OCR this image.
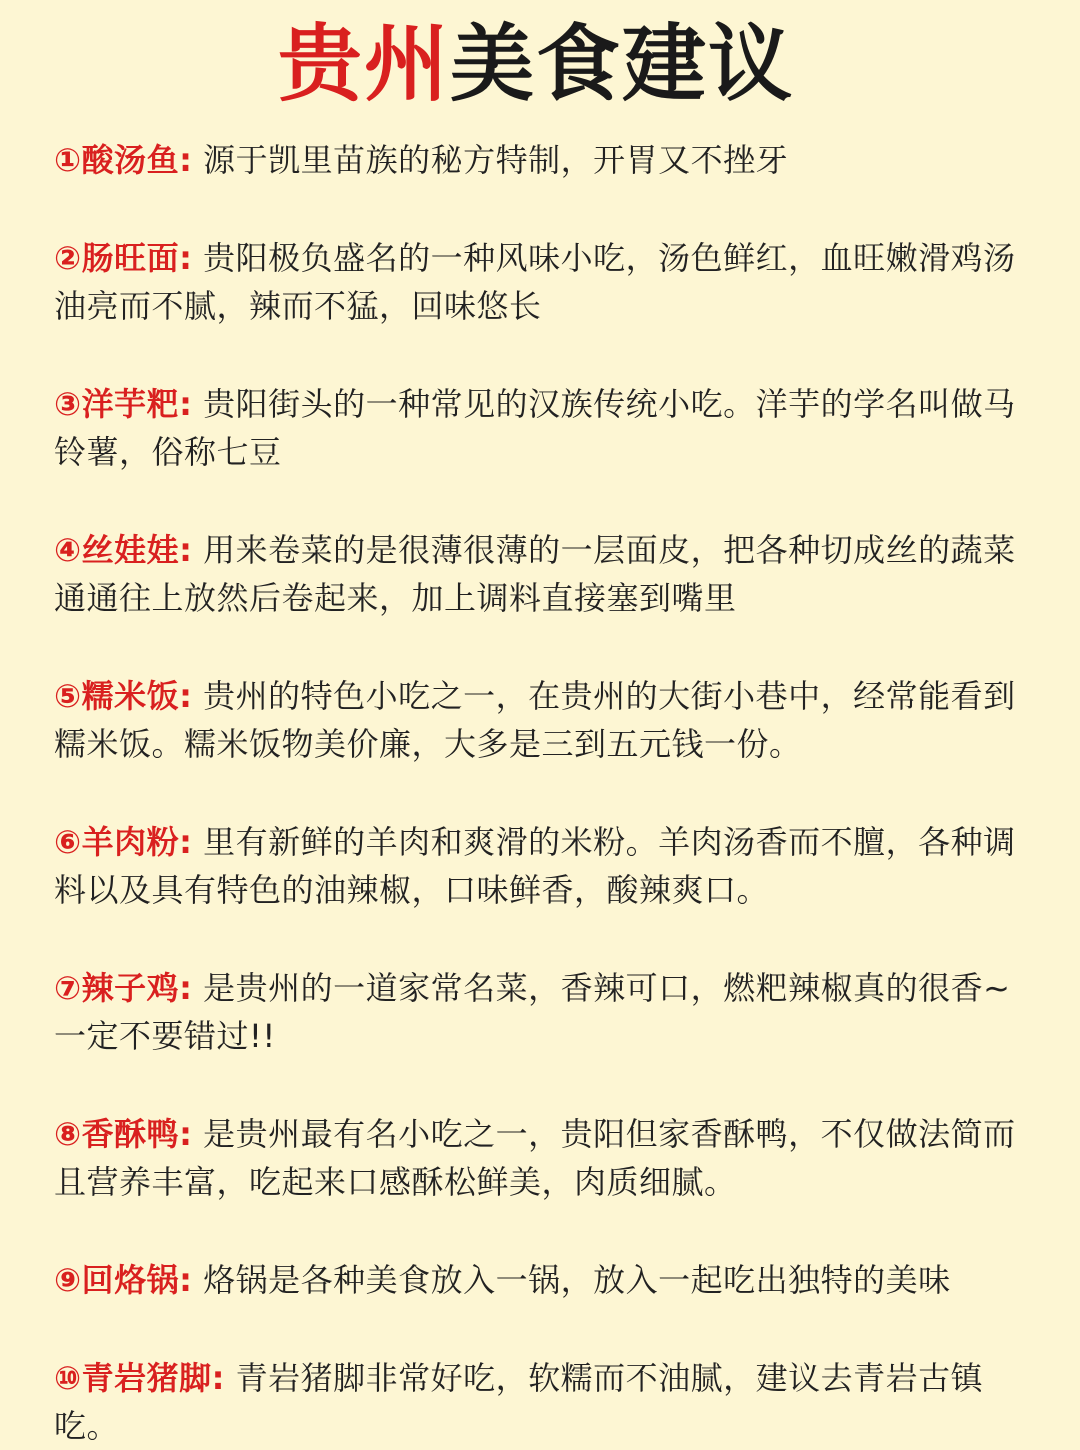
贵州美食建议
①酸汤鱼: 源于凯里苗族的秘方特制，开胃又不挫牙
②肠旺面: 贵阳极负盛名的一种风味小吃，汤色鲜红，血旺嫩滑鸡汤油亮而不腻，辣而不猛，回味悠长
③洋芋粑: 贵阳街头的一种常见的汉族传统小吃。洋芋的学名叫做马铃薯，俗称七豆
④丝娃娃: 用来卷菜的是很薄很薄的一层面皮，把各种切成丝的蔬菜通通往上放然后卷起来，加上调料直接塞到嘴里
⑤糯米饭: 贵州的特色小吃之一，在贵州的大街小巷中，经常能看到糯米饭。糯米饭物美价廉，大多是三到五元钱一份。
⑥羊肉粉: 里有新鲜的羊肉和爽滑的米粉。羊肉汤香而不膻，各种调料以及具有特色的油辣椒，口味鲜香，酸辣爽口。
⑦辣子鸡: 是贵州的一道家常名菜，香辣可口，燃粑辣椒真的很香~一定不要错过!!
⑧香酥鸭: 是贵州最有名小吃之一，贵阳但家香酥鸭，不仅做法简而且营养丰富，吃起来口感酥松鲜美，肉质细腻。
⑨回烙锅: 烙锅是各种美食放入一锅，放入一起吃出独特的美味
⑩青岩猪脚: 青岩猪脚非常好吃，软糯而不油腻，建议去青岩古镇吃。
